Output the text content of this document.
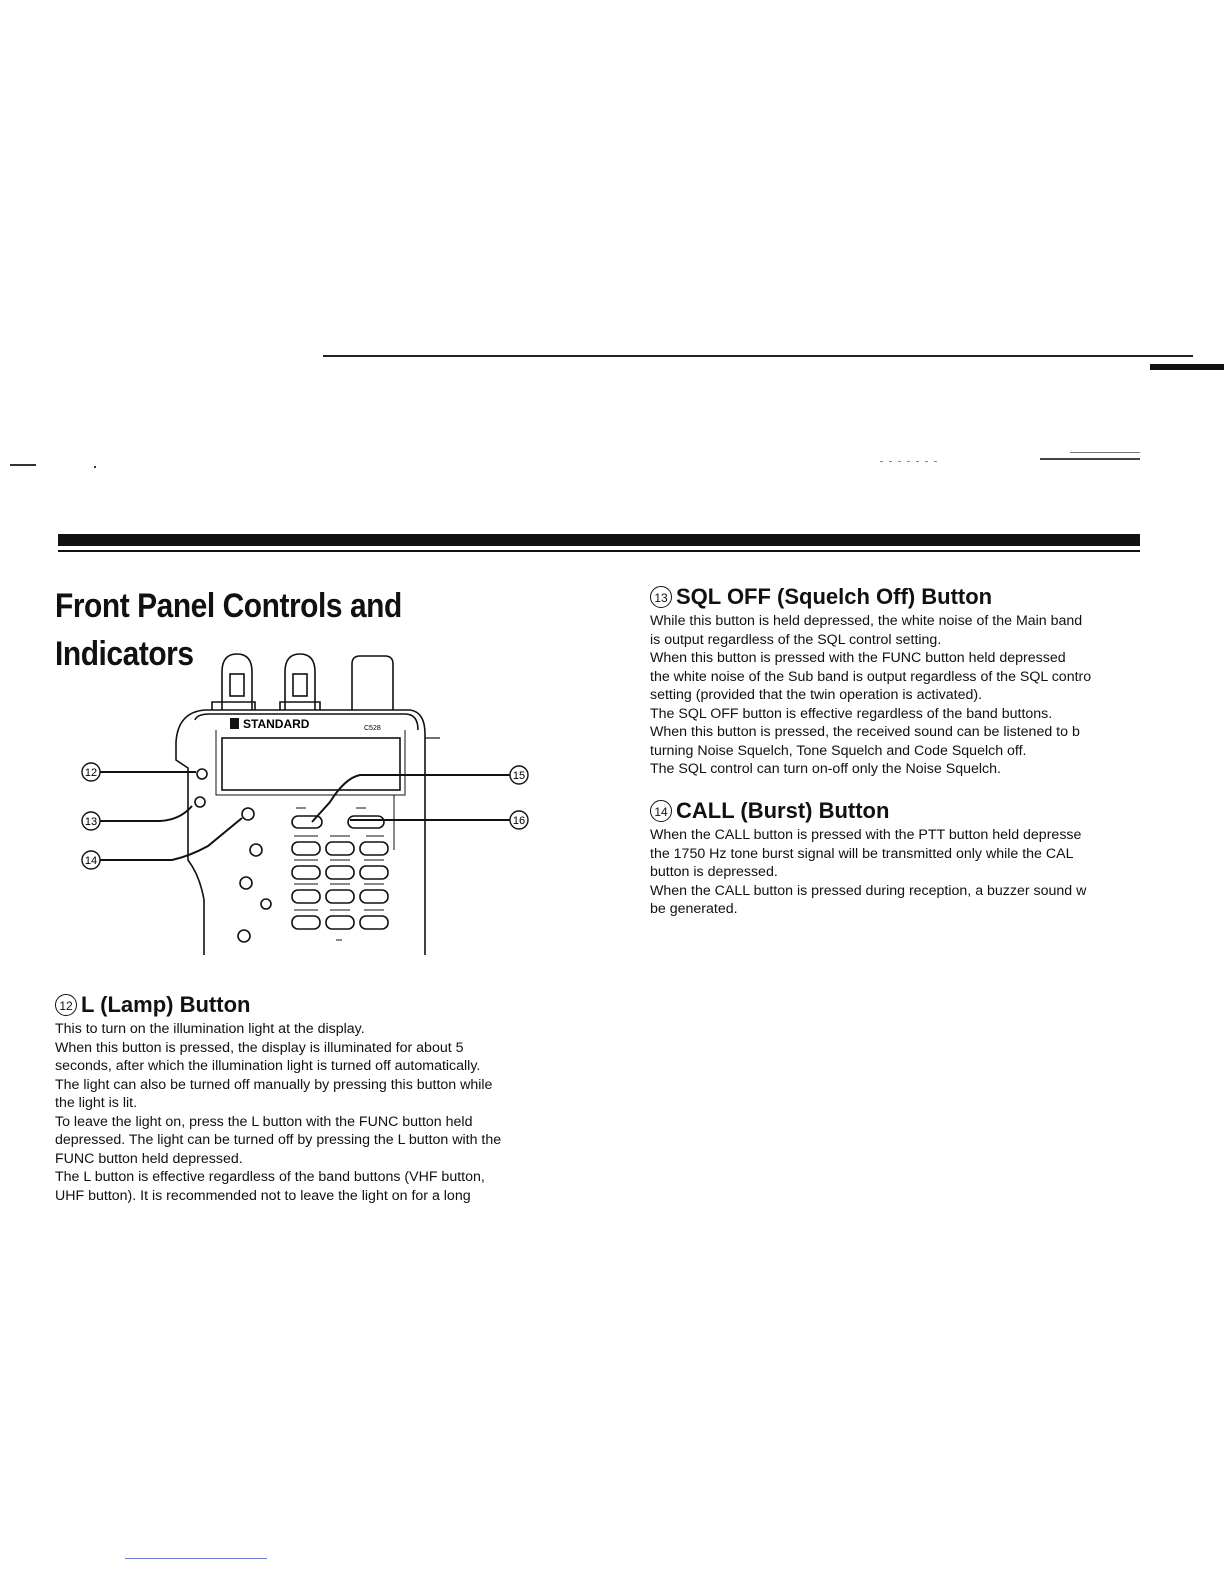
Front Panel Controls and Indicators
STANDARD	C528
12
13
14
15
16
12 L (Lamp) Button
This to turn on the illumination light at the display.
When this button is pressed, the display is illuminated for about 5
seconds, after which the illumination light is turned off automatically.
The light can also be turned off manually by pressing this button while
the light is lit.
To leave the light on, press the L button with the FUNC button held
depressed. The light can be turned off by pressing the L button with the
FUNC button held depressed.
The L button is effective regardless of the band buttons (VHF button,
UHF button). It is recommended not to leave the light on for a long
13 SQL OFF (Squelch Off) Button
While this button is held depressed, the white noise of the Main band
is output regardless of the SQL control setting.
When this button is pressed with the FUNC button held depressed
the white noise of the Sub band is output regardless of the SQL contro
setting (provided that the twin operation is activated).
The SQL OFF button is effective regardless of the band buttons.
When this button is pressed, the received sound can be listened to b
turning Noise Squelch, Tone Squelch and Code Squelch off.
The SQL control can turn on-off only the Noise Squelch.
14 CALL (Burst) Button
When the CALL button is pressed with the PTT button held depresse
the 1750 Hz tone burst signal will be transmitted only while the CAL
button is depressed.
When the CALL button is pressed during reception, a buzzer sound w
be generated.
